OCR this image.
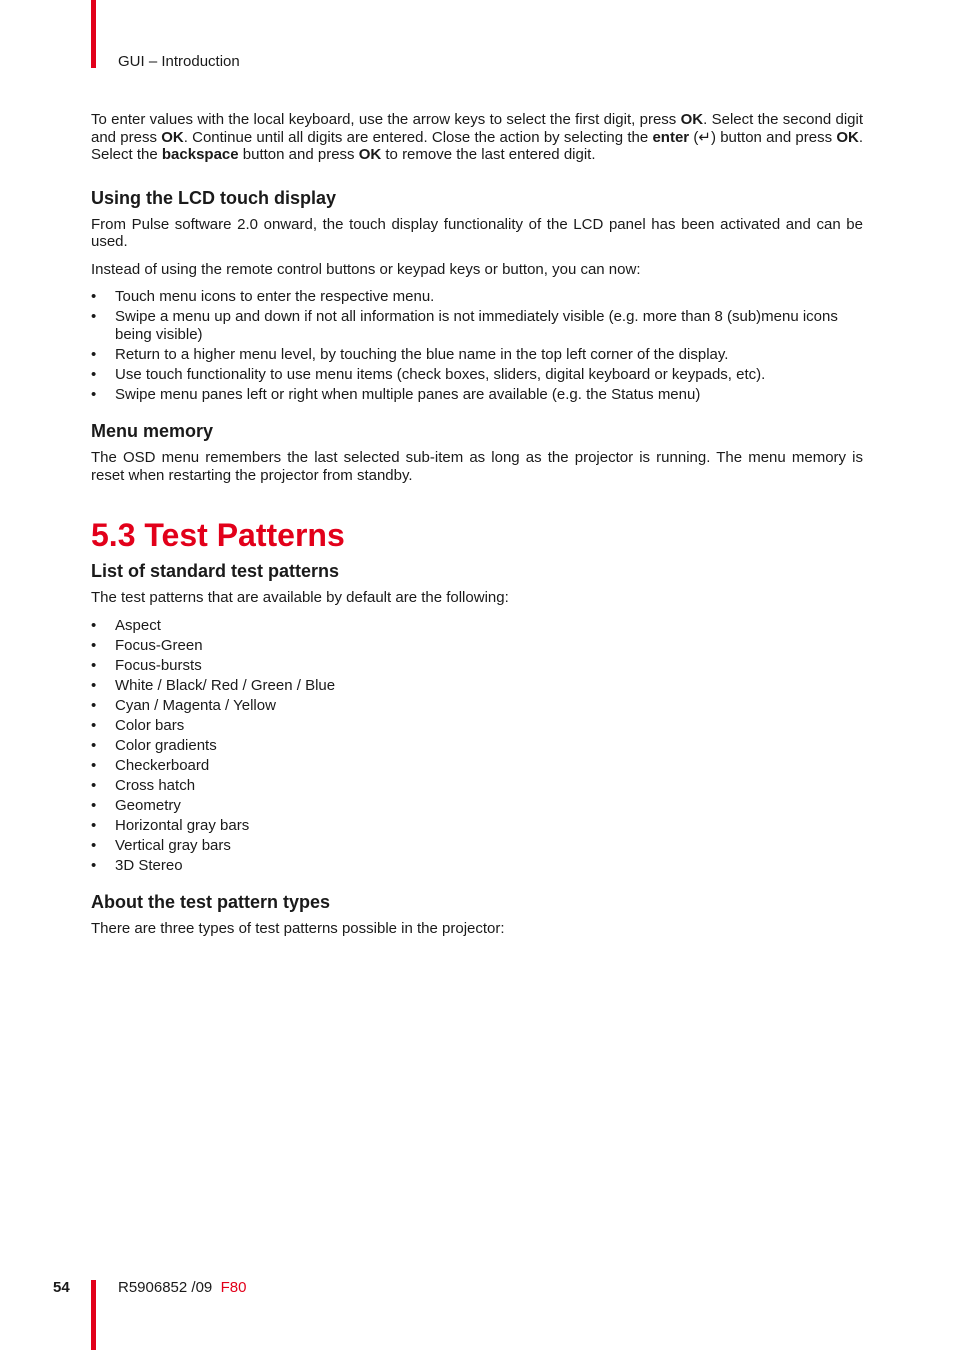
GUI – Introduction

To enter values with the local keyboard, use the arrow keys to select the first digit, press OK. Select the second digit and press OK. Continue until all digits are entered. Close the action by selecting the enter (↵) button and press OK. Select the backspace button and press OK to remove the last entered digit.

Using the LCD touch display

From Pulse software 2.0 onward, the touch display functionality of the LCD panel has been activated and can be used.

Instead of using the remote control buttons or keypad keys or button, you can now:

• Touch menu icons to enter the respective menu.
• Swipe a menu up and down if not all information is not immediately visible (e.g. more than 8 (sub)menu icons being visible)
• Return to a higher menu level, by touching the blue name in the top left corner of the display.
• Use touch functionality to use menu items (check boxes, sliders, digital keyboard or keypads, etc).
• Swipe menu panes left or right when multiple panes are available (e.g. the Status menu)
Menu memory

The OSD menu remembers the last selected sub-item as long as the projector is running. The menu memory is reset when restarting the projector from standby.

5.3 Test Patterns
List of standard test patterns

The test patterns that are available by default are the following:

• Aspect
• Focus-Green
• Focus-bursts
• White / Black/ Red / Green / Blue
• Cyan / Magenta / Yellow
• Color bars
• Color gradients
• Checkerboard
• Cross hatch
• Geometry
• Horizontal gray bars
• Vertical gray bars
• 3D Stereo
About the test pattern types

There are three types of test patterns possible in the projector:

54	R5906852 /09 F80
